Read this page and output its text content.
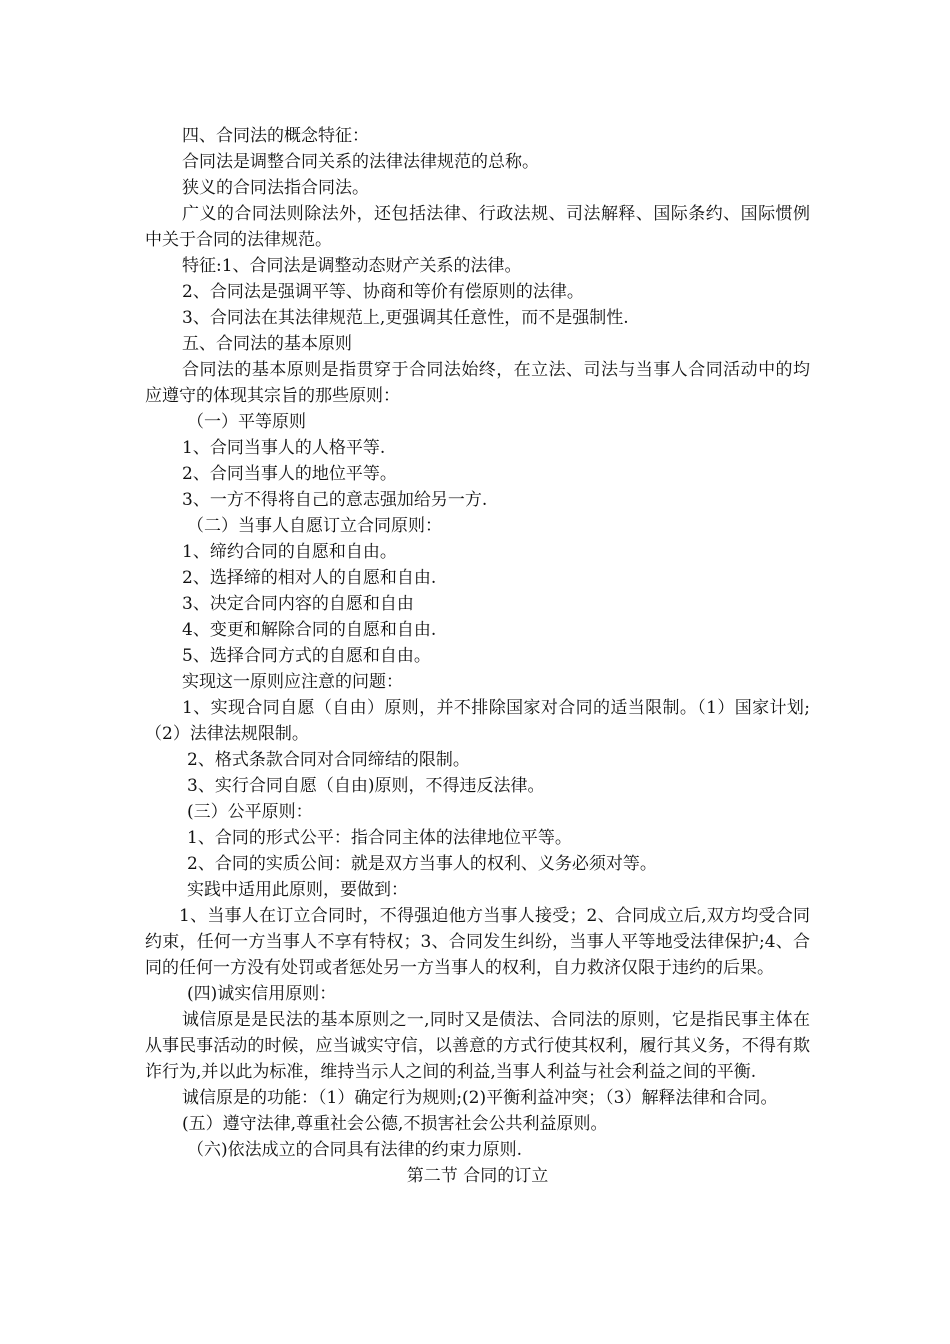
四、合同法的概念特征：

合同法是调整合同关系的法律法律规范的总称。

狭义的合同法指合同法。

广义的合同法则除法外，还包括法律、行政法规、司法解释、国际条约、国际惯例中关于合同的法律规范。

特征:1、合同法是调整动态财产关系的法律。

2、合同法是强调平等、协商和等价有偿原则的法律。

3、合同法在其法律规范上,更强调其任意性，而不是强制性.

五、合同法的基本原则

合同法的基本原则是指贯穿于合同法始终，在立法、司法与当事人合同活动中的均应遵守的体现其宗旨的那些原则：

（一）平等原则

1、合同当事人的人格平等.

2、合同当事人的地位平等。

3、一方不得将自己的意志强加给另一方.

（二）当事人自愿订立合同原则：

1、缔约合同的自愿和自由。

2、选择缔的相对人的自愿和自由.

3、决定合同内容的自愿和自由

4、变更和解除合同的自愿和自由.

5、选择合同方式的自愿和自由。

实现这一原则应注意的问题：

1、实现合同自愿（自由）原则，并不排除国家对合同的适当限制。（1）国家计划;（2）法律法规限制。

2、格式条款合同对合同缔结的限制。

3、实行合同自愿（自由)原则，不得违反法律。

(三）公平原则：

1、合同的形式公平：指合同主体的法律地位平等。

2、合同的实质公间：就是双方当事人的权利、义务必须对等。

实践中适用此原则，要做到：

1、当事人在订立合同时，不得强迫他方当事人接受；2、合同成立后,双方均受合同约束，任何一方当事人不享有特权；3、合同发生纠纷，当事人平等地受法律保护;4、合同的任何一方没有处罚或者惩处另一方当事人的权利，自力救济仅限于违约的后果。

(四)诚实信用原则：

诚信原是是民法的基本原则之一,同时又是债法、合同法的原则，它是指民事主体在从事民事活动的时候，应当诚实守信，以善意的方式行使其权利，履行其义务，不得有欺诈行为,并以此为标准，维持当示人之间的利益,当事人利益与社会利益之间的平衡.

诚信原是的功能：（1）确定行为规则;(2)平衡利益冲突；（3）解释法律和合同。

(五）遵守法律,尊重社会公德,不损害社会公共利益原则。

（六)依法成立的合同具有法律的约束力原则.

第二节 合同的订立
